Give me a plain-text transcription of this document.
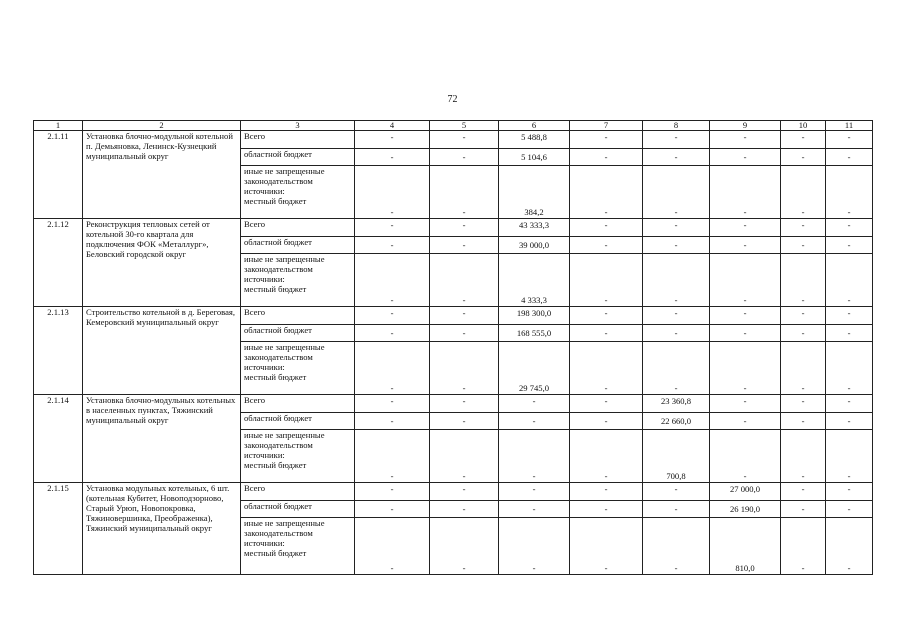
72
1	2	3	4	5	6	7	8	9	10	11
2.1.11	Установка блочно-модульной котельной п. Демьяновка, Ленинск-Кузнецкий муниципальный округ	Всего	-	-	5 488,8	-	-	-	-	-
		областной бюджет	-	-	5 104,6	-	-	-	-	-

		иные не запрещенные
законодательством
источники:
местный бюджет	-	-	384,2	-	-	-	-	-
2.1.12	Реконструкция тепловых сетей от котельной 30-го квартала для подключения ФОК «Металлург», Беловский городской округ	Всего	-	-	43 333,3	-	-	-	-	-
		областной бюджет	-	-	39 000,0	-	-	-	-	-

		иные не запрещенные
законодательством
источники:
местный бюджет	-	-	4 333,3	-	-	-	-	-
2.1.13	Строительство котельной в д. Береговая, Кемеровский муниципальный округ	Всего	-	-	198 300,0	-	-	-	-	-
		областной бюджет	-	-	168 555,0	-	-	-	-	-

		иные не запрещенные
законодательством
источники:
местный бюджет	-	-	29 745,0	-	-	-	-	-
2.1.14	Установка блочно-модульных котельных в населенных пунктах, Тяжинский муниципальный округ	Всего	-	-	-	-	23 360,8	-	-	-
		областной бюджет	-	-	-	-	22 660,0	-	-	-

		иные не запрещенные
законодательством
источники:
местный бюджет	-	-	-	-	700,8	-	-	-
2.1.15	Установка модульных котельных, 6 шт. (котельная Кубитет, Новоподзорново, Старый Урюп, Новопокровка, Тяжиновершинка, Преображенка), Тяжинский муниципальный округ	Всего	-	-	-	-	-	27 000,0	-	-
		областной бюджет	-	-	-	-	-	26 190,0	-	-

		иные не запрещенные
законодательством
источники:
местный бюджет	-	-	-	-	-	810,0	-	-
